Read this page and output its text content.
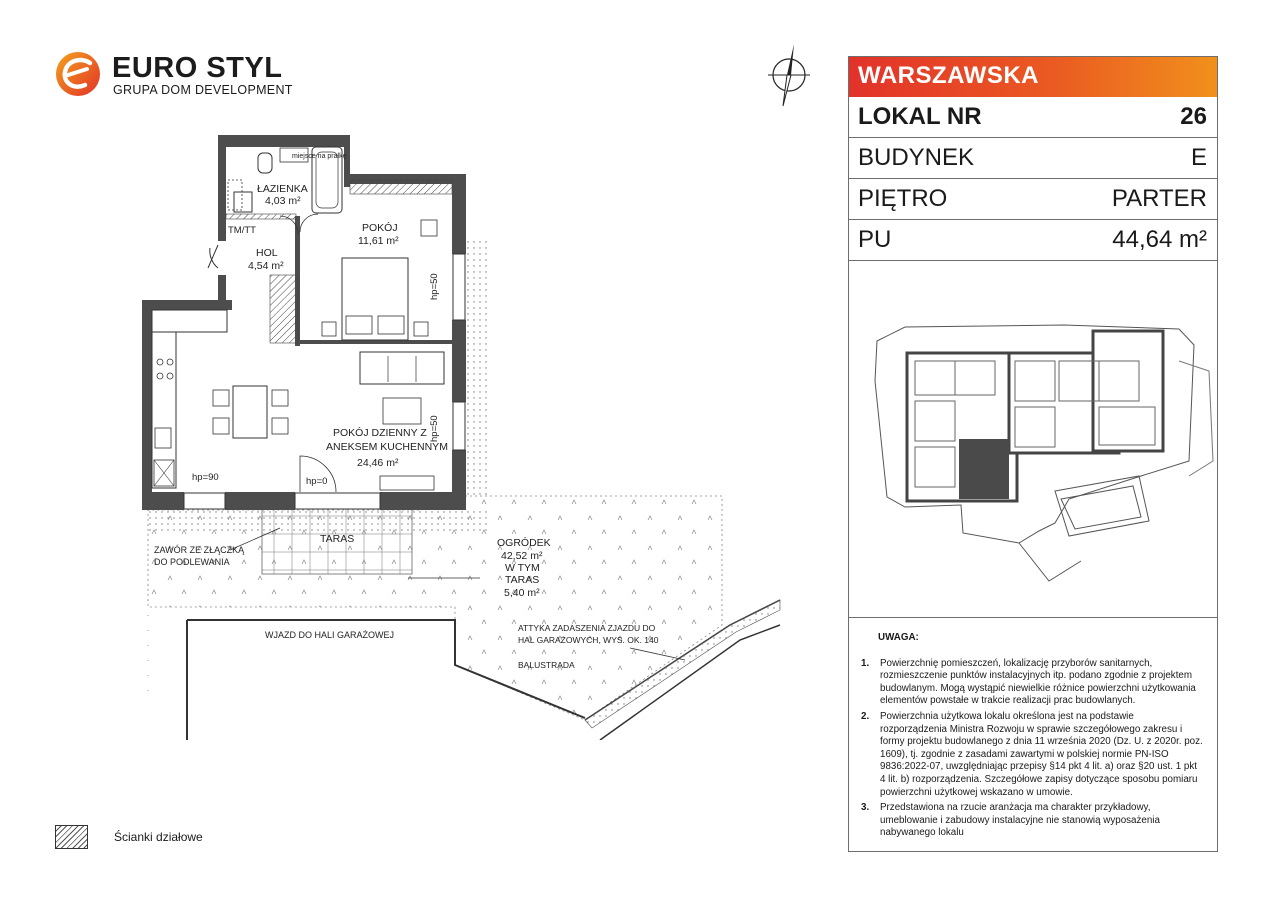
EURO STYL
GRUPA DOM DEVELOPMENT
ŁAZIENKA
4,03 m²
miejsce na pralkę
TM/TT
HOL
4,54 m²
POKÓJ
11,61 m²
POKÓJ DZIENNY Z
ANEKSEM KUCHENNYM
24,46 m²
hp=90	hp=0
hp=50
hp=50
TARAS	OGRÓDEK
42,52 m²
W TYM
TARAS
5,40 m²
ZAWÓR ZE ZŁĄCZKĄ
DO PODLEWANIA
WJAZD DO HALI GARAŻOWEJ
ATTYKA ZADASZENIA ZJAZDU DO
HAL GARAŻOWYCH, WYS. OK. 140
BALUSTRADA
WARSZAWSKA
LOKAL NR	26
BUDYNEK	E
PIĘTRO	PARTER
PU	44,64 m²
UWAGA:
1.	Powierzchnię pomieszczeń, lokalizację przyborów sanitarnych, rozmieszczenie punktów instalacyjnych itp. podano zgodnie z projektem budowlanym. Mogą wystąpić niewielkie różnice powierzchni użytkowania elementów powstałe w trakcie realizacji prac budowlanych.
2.	Powierzchnia użytkowa lokalu określona jest na podstawie rozporządzenia Ministra Rozwoju w sprawie szczegółowego zakresu i formy projektu budowlanego z dnia 11 września 2020 (Dz. U. z 2020r. poz. 1609), tj. zgodnie z zasadami zawartymi w polskiej normie PN-ISO 9836:2022-07, uwzględniając przepisy §14 pkt 4 lit. a) oraz §20 ust. 1 pkt 4 lit. b) rozporządzenia. Szczegółowe zapisy dotyczące sposobu pomiaru powierzchni użytkowej wskazano w umowie.
3.	Przedstawiona na rzucie aranżacja ma charakter przykładowy, umeblowanie i zabudowy instalacyjne nie stanowią wyposażenia nabywanego lokalu
Ścianki działowe
